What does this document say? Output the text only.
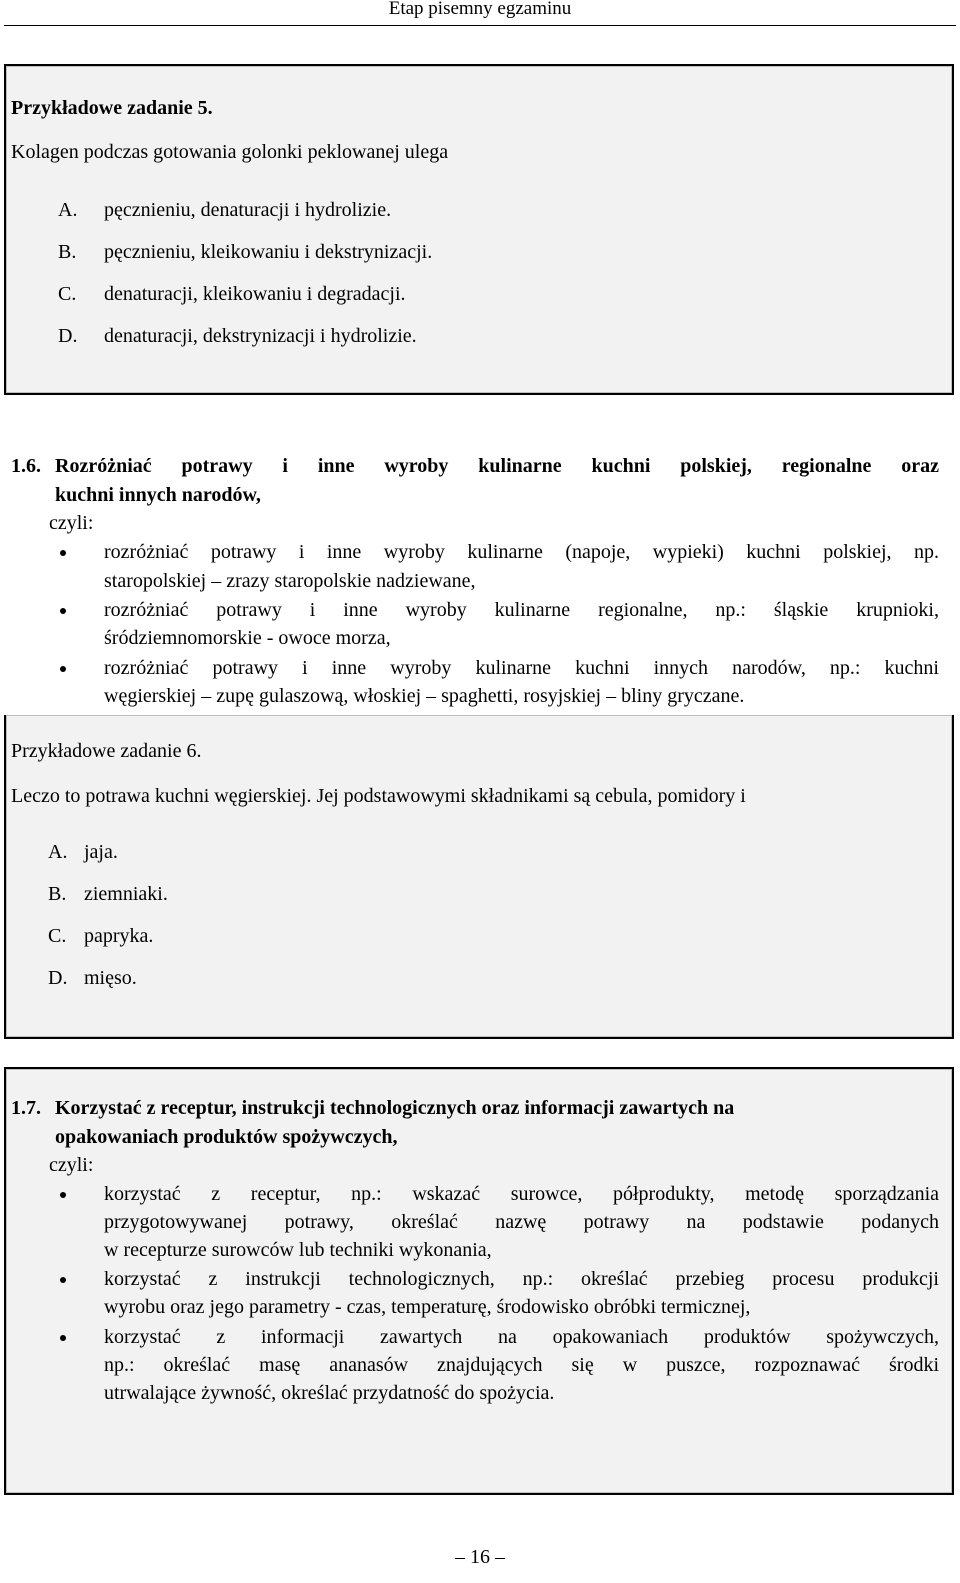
Etap pisemny egzaminu
Przykładowe zadanie 5.
Kolagen podczas gotowania golonki peklowanej ulega
A. pęcznieniu, denaturacji i hydrolizie.
B. pęcznieniu, kleikowaniu i dekstrynizacji.
C. denaturacji, kleikowaniu i degradacji.
D. denaturacji, dekstrynizacji i hydrolizie.
1.6. Rozróżniać potrawy i inne wyroby kulinarne kuchni polskiej, regionalne oraz
kuchni innych narodów,
czyli:
rozróżniać potrawy i inne wyroby kulinarne (napoje, wypieki) kuchni polskiej, np.
staropolskiej – zrazy staropolskie nadziewane,
rozróżniać potrawy i inne wyroby kulinarne regionalne, np.: śląskie krupnioki,
śródziemnomorskie - owoce morza,
rozróżniać potrawy i inne wyroby kulinarne kuchni innych narodów, np.: kuchni
węgierskiej – zupę gulaszową, włoskiej – spaghetti, rosyjskiej – bliny gryczane.
Przykładowe zadanie 6.
Leczo to potrawa kuchni węgierskiej. Jej podstawowymi składnikami są cebula, pomidory i
A. jaja.
B. ziemniaki.
C. papryka.
D. mięso.
1.7. Korzystać z receptur, instrukcji technologicznych oraz informacji zawartych na
opakowaniach produktów spożywczych,
czyli:
korzystać z receptur, np.: wskazać surowce, półprodukty, metodę sporządzania
przygotowywanej potrawy, określać nazwę potrawy na podstawie podanych
w recepturze surowców lub techniki wykonania,
korzystać z instrukcji technologicznych, np.: określać przebieg procesu produkcji
wyrobu oraz jego parametry - czas, temperaturę, środowisko obróbki termicznej,
korzystać z informacji zawartych na opakowaniach produktów spożywczych,
np.: określać masę ananasów znajdujących się w puszce, rozpoznawać środki
utrwalające żywność, określać przydatność do spożycia.
– 16 –
